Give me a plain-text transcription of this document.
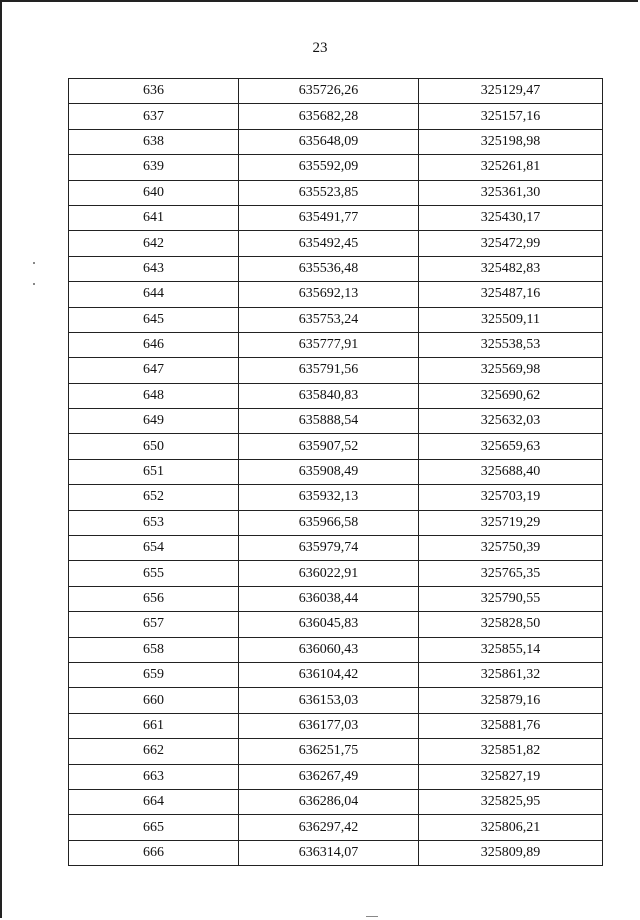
23
636	635726,26	325129,47
637	635682,28	325157,16
638	635648,09	325198,98
639	635592,09	325261,81
640	635523,85	325361,30
641	635491,77	325430,17
642	635492,45	325472,99
643	635536,48	325482,83
644	635692,13	325487,16
645	635753,24	325509,11
646	635777,91	325538,53
647	635791,56	325569,98
648	635840,83	325690,62
649	635888,54	325632,03
650	635907,52	325659,63
651	635908,49	325688,40
652	635932,13	325703,19
653	635966,58	325719,29
654	635979,74	325750,39
655	636022,91	325765,35
656	636038,44	325790,55
657	636045,83	325828,50
658	636060,43	325855,14
659	636104,42	325861,32
660	636153,03	325879,16
661	636177,03	325881,76
662	636251,75	325851,82
663	636267,49	325827,19
664	636286,04	325825,95
665	636297,42	325806,21
666	636314,07	325809,89
